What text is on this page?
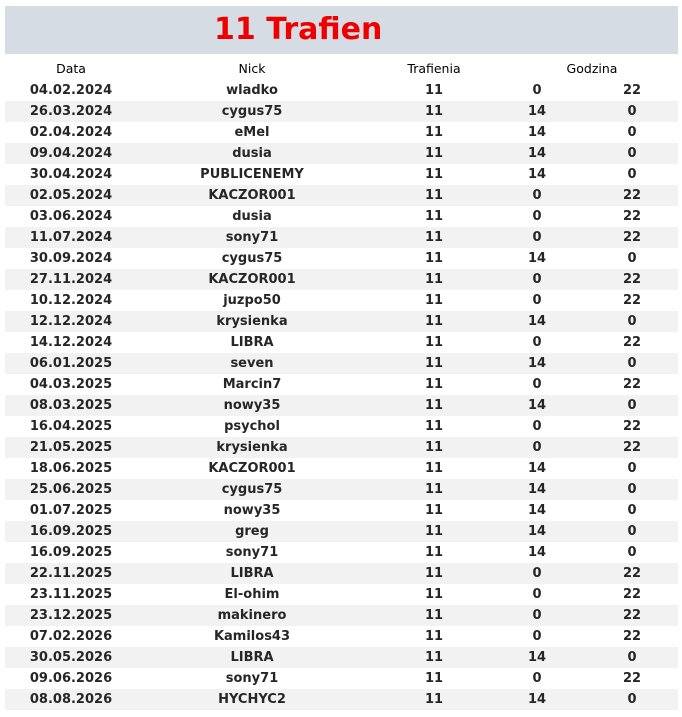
11 Trafien
Data	Nick	Trafienia	Godzina
04.02.2024	wladko	11	0	22
26.03.2024	cygus75	11	14	0
02.04.2024	eMel	11	14	0
09.04.2024	dusia	11	14	0
30.04.2024	PUBLICENEMY	11	14	0
02.05.2024	KACZOR001	11	0	22
03.06.2024	dusia	11	0	22
11.07.2024	sony71	11	0	22
30.09.2024	cygus75	11	14	0
27.11.2024	KACZOR001	11	0	22
10.12.2024	juzpo50	11	0	22
12.12.2024	krysienka	11	14	0
14.12.2024	LIBRA	11	0	22
06.01.2025	seven	11	14	0
04.03.2025	Marcin7	11	0	22
08.03.2025	nowy35	11	14	0
16.04.2025	psychol	11	0	22
21.05.2025	krysienka	11	0	22
18.06.2025	KACZOR001	11	14	0
25.06.2025	cygus75	11	14	0
01.07.2025	nowy35	11	14	0
16.09.2025	greg	11	14	0
16.09.2025	sony71	11	14	0
22.11.2025	LIBRA	11	0	22
23.11.2025	El-ohim	11	0	22
23.12.2025	makinero	11	0	22
07.02.2026	Kamilos43	11	0	22
30.05.2026	LIBRA	11	14	0
09.06.2026	sony71	11	0	22
08.08.2026	HYCHYC2	11	14	0
